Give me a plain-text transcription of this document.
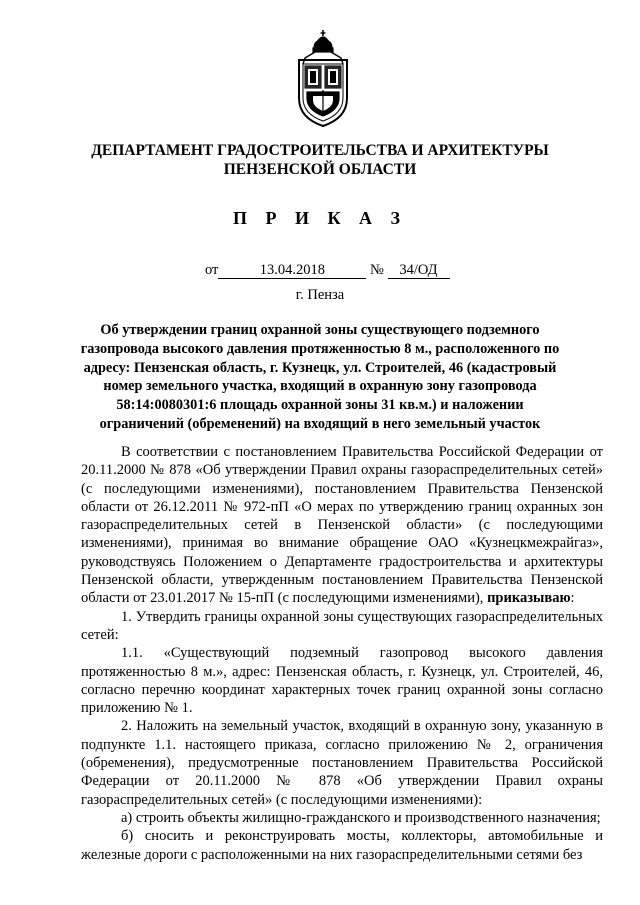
ДЕПАРТАМЕНТ ГРАДОСТРОИТЕЛЬСТВА И АРХИТЕКТУРЫ
ПЕНЗЕНСКОЙ ОБЛАСТИ
П Р И К А З
от	13.04.2018	№ 34/ОД
г. Пенза
Об утверждении границ охранной зоны существующего подземного
газопровода высокого давления протяженностью 8 м., расположенного по
адресу: Пензенская область, г. Кузнецк, ул. Строителей, 46 (кадастровый
номер земельного участка, входящий в охранную зону газопровода
58:14:0080301:6 площадь охранной зоны 31 кв.м.) и наложении
ограничений (обременений) на входящий в него земельный участок

В соответствии с постановлением Правительства Российской Федерации от 20.11.2000 № 878 «Об утверждении Правил охраны газораспределительных сетей» (с последующими изменениями), постановлением Правительства Пензенской области от 26.12.2011 № 972-пП «О мерах по утверждению границ охранных зон газораспределительных сетей в Пензенской области» (с последующими изменениями), принимая во внимание обращение ОАО «Кузнецкмежрайгаз», руководствуясь Положением о Департаменте градостроительства и архитектуры Пензенской области, утвержденным постановлением Правительства Пензенской области от 23.01.2017 № 15-пП (с последующими изменениями), приказываю:

1. Утвердить границы охранной зоны существующих газораспределительных сетей:

1.1. «Существующий подземный газопровод высокого давления протяженностью 8 м.», адрес: Пензенская область, г. Кузнецк, ул. Строителей, 46, согласно перечню координат характерных точек границ охранной зоны согласно приложению № 1.

2. Наложить на земельный участок, входящий в охранную зону, указанную в подпункте 1.1. настоящего приказа, согласно приложению № 2, ограничения (обременения), предусмотренные постановлением Правительства Российской Федерации от 20.11.2000 № 878 «Об утверждении Правил охраны газораспределительных сетей» (с последующими изменениями):

а) строить объекты жилищно-гражданского и производственного назначения;

б) сносить и реконструировать мосты, коллекторы, автомобильные и железные дороги с расположенными на них газораспределительными сетями без
